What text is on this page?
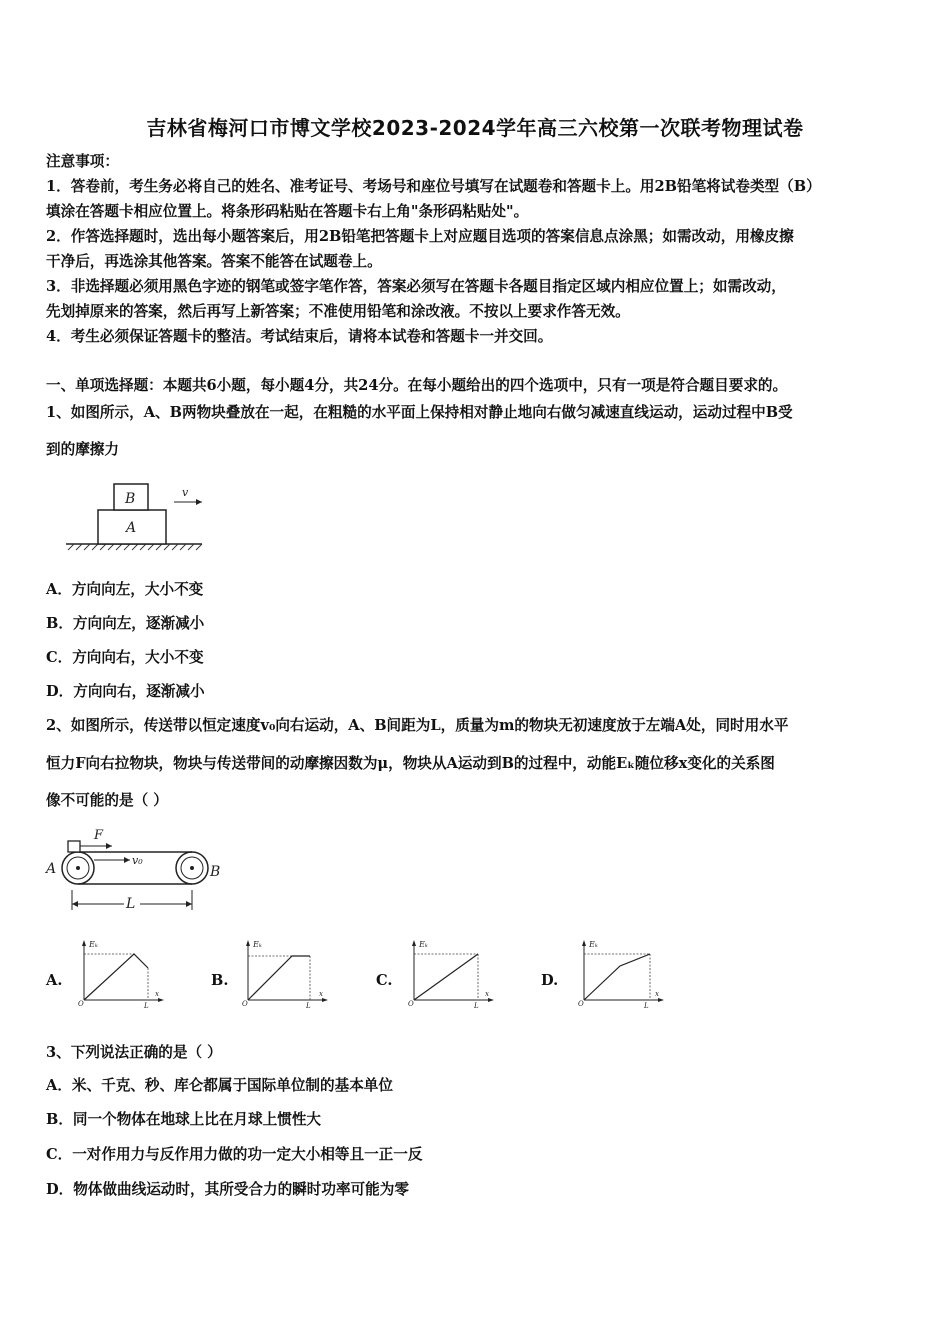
吉林省梅河口市博文学校2023-2024学年高三六校第一次联考物理试卷
注意事项：
1．答卷前，考生务必将自己的姓名、准考证号、考场号和座位号填写在试题卷和答题卡上。用2B铅笔将试卷类型（B）
填涂在答题卡相应位置上。将条形码粘贴在答题卡右上角"条形码粘贴处"。
2．作答选择题时，选出每小题答案后，用2B铅笔把答题卡上对应题目选项的答案信息点涂黑；如需改动，用橡皮擦
干净后，再选涂其他答案。答案不能答在试题卷上。
3．非选择题必须用黑色字迹的钢笔或签字笔作答，答案必须写在答题卡各题目指定区域内相应位置上；如需改动，
先划掉原来的答案，然后再写上新答案；不准使用铅笔和涂改液。不按以上要求作答无效。
4．考生必须保证答题卡的整洁。考试结束后，请将本试卷和答题卡一并交回。
一、单项选择题：本题共6小题，每小题4分，共24分。在每小题给出的四个选项中，只有一项是符合题目要求的。
1、如图所示，A、B两物块叠放在一起，在粗糙的水平面上保持相对静止地向右做匀减速直线运动，运动过程中B受
到的摩擦力
A
B	v
A．方向向左，大小不变
B．方向向左，逐渐减小
C．方向向右，大小不变
D．方向向右，逐渐减小
2、如图所示，传送带以恒定速度v₀向右运动，A、B间距为L，质量为m的物块无初速度放于左端A处，同时用水平
恒力F向右拉物块，物块与传送带间的动摩擦因数为μ，物块从A运动到B的过程中，动能Eₖ随位移x变化的关系图
像不可能的是（ ）
F
v₀
A	B
L
A.
Eₖ
O
x
L
B.
Eₖ
O
x
L
C.
Eₖ
O
x
L
D.
Eₖ
O
x
L
3、下列说法正确的是（ ）
A．米、千克、秒、库仑都属于国际单位制的基本单位
B．同一个物体在地球上比在月球上惯性大
C．一对作用力与反作用力做的功一定大小相等且一正一反
D．物体做曲线运动时，其所受合力的瞬时功率可能为零
